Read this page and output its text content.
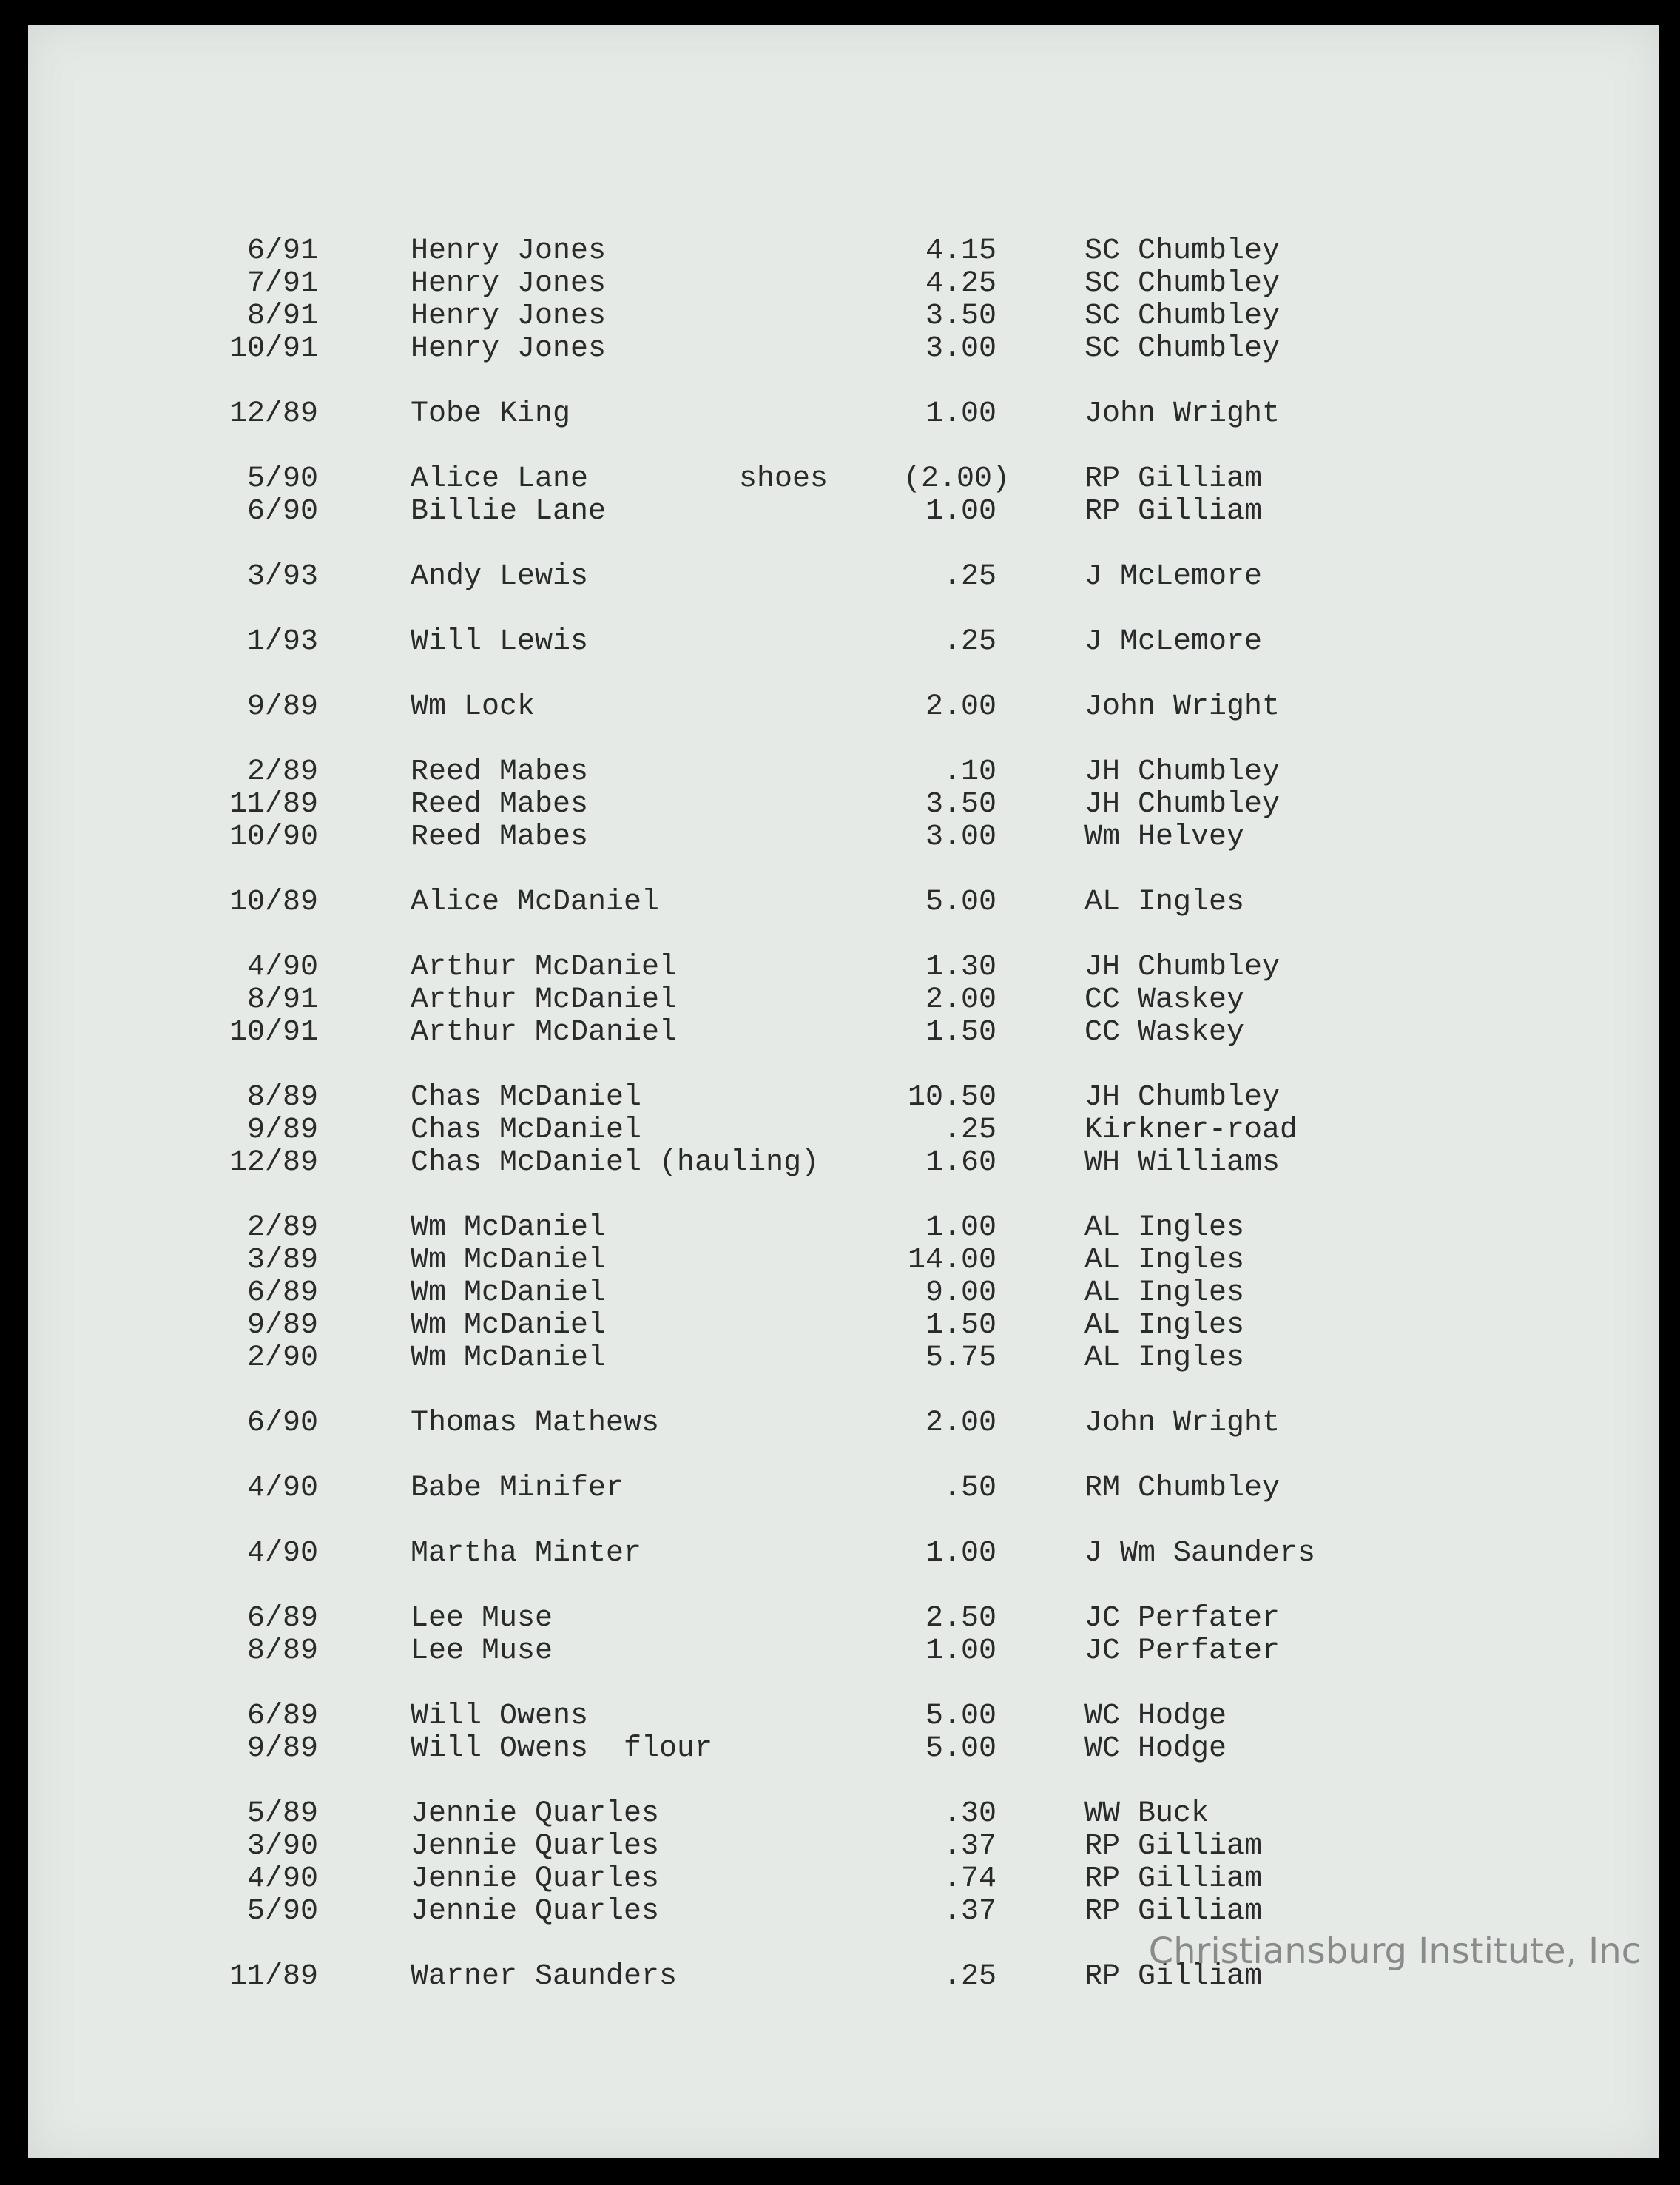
6/91	Henry Jones	4.15	SC Chumbley
7/91	Henry Jones	4.25	SC Chumbley
8/91	Henry Jones	3.50	SC Chumbley
10/91	Henry Jones	3.00	SC Chumbley
12/89	Tobe King	1.00	John Wright
5/90	Alice Lane	shoes	(2.00)	RP Gilliam
6/90	Billie Lane	1.00	RP Gilliam
3/93	Andy Lewis	.25	J McLemore
1/93	Will Lewis	.25	J McLemore
9/89	Wm Lock	2.00	John Wright
2/89	Reed Mabes	.10	JH Chumbley
11/89	Reed Mabes	3.50	JH Chumbley
10/90	Reed Mabes	3.00	Wm Helvey
10/89	Alice McDaniel	5.00	AL Ingles
4/90	Arthur McDaniel	1.30	JH Chumbley
8/91	Arthur McDaniel	2.00	CC Waskey
10/91	Arthur McDaniel	1.50	CC Waskey
8/89	Chas McDaniel	10.50	JH Chumbley
9/89	Chas McDaniel	.25	Kirkner-road
12/89	Chas McDaniel (hauling)	1.60	WH Williams
2/89	Wm McDaniel	1.00	AL Ingles
3/89	Wm McDaniel	14.00	AL Ingles
6/89	Wm McDaniel	9.00	AL Ingles
9/89	Wm McDaniel	1.50	AL Ingles
2/90	Wm McDaniel	5.75	AL Ingles
6/90	Thomas Mathews	2.00	John Wright
4/90	Babe Minifer	.50	RM Chumbley
4/90	Martha Minter	1.00	J Wm Saunders
6/89	Lee Muse	2.50	JC Perfater
8/89	Lee Muse	1.00	JC Perfater
6/89	Will Owens	5.00	WC Hodge
9/89	Will Owens  flour	5.00	WC Hodge
5/89	Jennie Quarles	.30	WW Buck
3/90	Jennie Quarles	.37	RP Gilliam
4/90	Jennie Quarles	.74	RP Gilliam
5/90	Jennie Quarles	.37	RP Gilliam
11/89	Warner Saunders	.25	RP Gilliam
Christiansburg Institute, Inc
